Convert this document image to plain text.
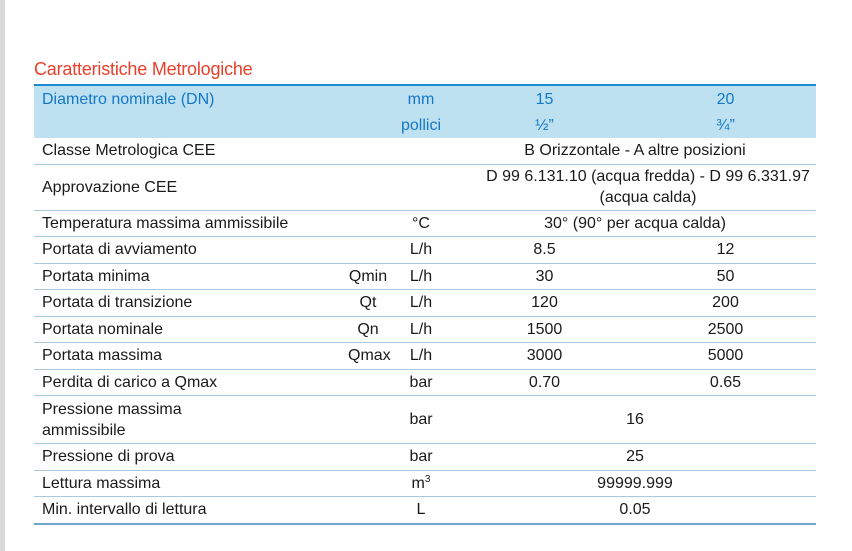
Caratteristiche Metrologiche
Diametro nominale (DN)		mm	15	20
		pollici	½”	¾”
Classe Metrologica CEE			B Orizzontale - A altre posizioni	
Approvazione CEE			D 99 6.131.10 (acqua fredda) - D 99 6.331.97 (acqua calda)	
Temperatura massima ammissibile		°C	30° (90° per acqua calda)	
Portata di avviamento		L/h	8.5	12
Portata minima	Qmin	L/h	30	50
Portata di transizione	Qt	L/h	120	200
Portata nominale	Qn	L/h	1500	2500
Portata massima	Qmax	L/h	3000	5000
Perdita di carico a Qmax		bar	0.70	0.65
Pressione massima ammissibile		bar	16	
Pressione di prova		bar	25	
Lettura massima		$m^3$	99999.999	
Min. intervallo di lettura		L	0.05	
